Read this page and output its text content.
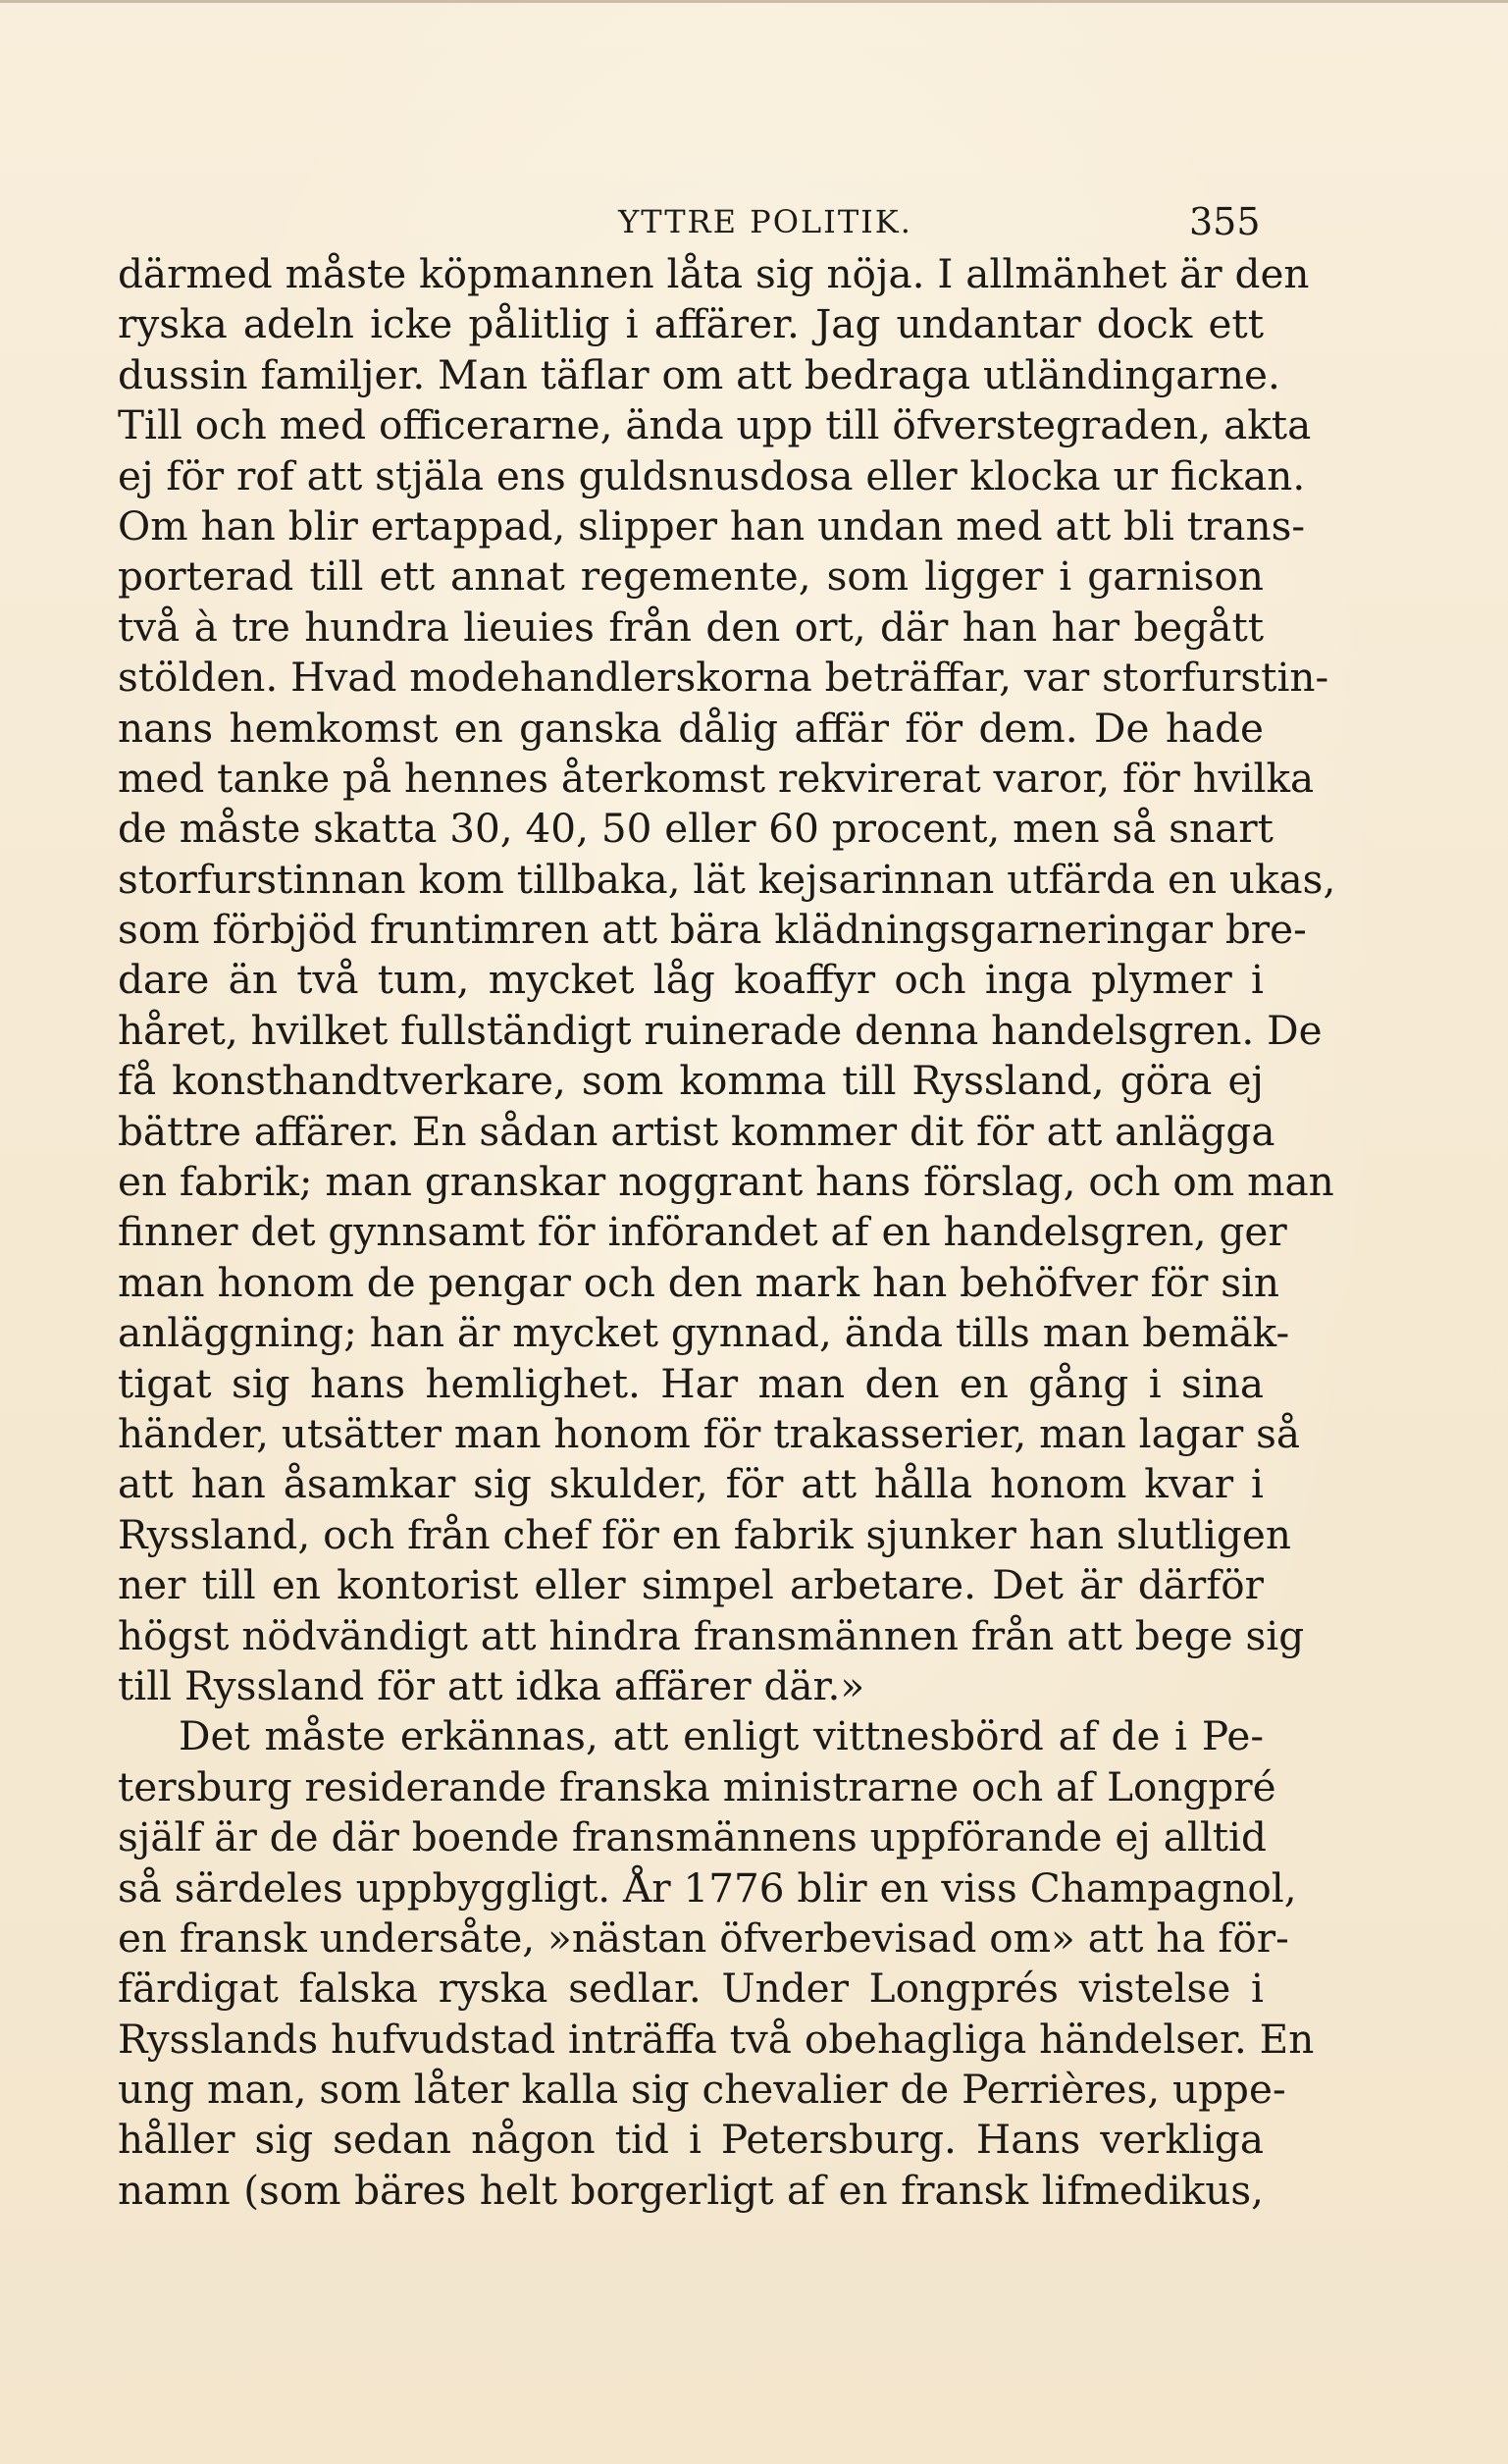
YTTRE POLITIK.	355
därmed måste köpmannen låta sig nöja. I allmänhet är den
ryska adeln icke pålitlig i affärer. Jag undantar dock ett
dussin familjer. Man täflar om att bedraga utländingarne.
Till och med officerarne, ända upp till öfverstegraden, akta
ej för rof att stjäla ens guldsnusdosa eller klocka ur fickan.
Om han blir ertappad, slipper han undan med att bli trans-
porterad till ett annat regemente, som ligger i garnison
två à tre hundra lieuies från den ort, där han har begått
stölden. Hvad modehandlerskorna beträffar, var storfurstin-
nans hemkomst en ganska dålig affär för dem. De hade
med tanke på hennes återkomst rekvirerat varor, för hvilka
de måste skatta 30, 40, 50 eller 60 procent, men så snart
storfurstinnan kom tillbaka, lät kejsarinnan utfärda en ukas,
som förbjöd fruntimren att bära klädningsgarneringar bre-
dare än två tum, mycket låg koaffyr och inga plymer i
håret, hvilket fullständigt ruinerade denna handelsgren. De
få konsthandtverkare, som komma till Ryssland, göra ej
bättre affärer. En sådan artist kommer dit för att anlägga
en fabrik; man granskar noggrant hans förslag, och om man
finner det gynnsamt för införandet af en handelsgren, ger
man honom de pengar och den mark han behöfver för sin
anläggning; han är mycket gynnad, ända tills man bemäk-
tigat sig hans hemlighet. Har man den en gång i sina
händer, utsätter man honom för trakasserier, man lagar så
att han åsamkar sig skulder, för att hålla honom kvar i
Ryssland, och från chef för en fabrik sjunker han slutligen
ner till en kontorist eller simpel arbetare. Det är därför
högst nödvändigt att hindra fransmännen från att bege sig
till Ryssland för att idka affärer där.»
Det måste erkännas, att enligt vittnesbörd af de i Pe-
tersburg residerande franska ministrarne och af Longpré
själf är de där boende fransmännens uppförande ej alltid
så särdeles uppbyggligt. År 1776 blir en viss Champagnol,
en fransk undersåte, »nästan öfverbevisad om» att ha för-
färdigat falska ryska sedlar. Under Longprés vistelse i
Rysslands hufvudstad inträffa två obehagliga händelser. En
ung man, som låter kalla sig chevalier de Perrières, uppe-
håller sig sedan någon tid i Petersburg. Hans verkliga
namn (som bäres helt borgerligt af en fransk lifmedikus,
